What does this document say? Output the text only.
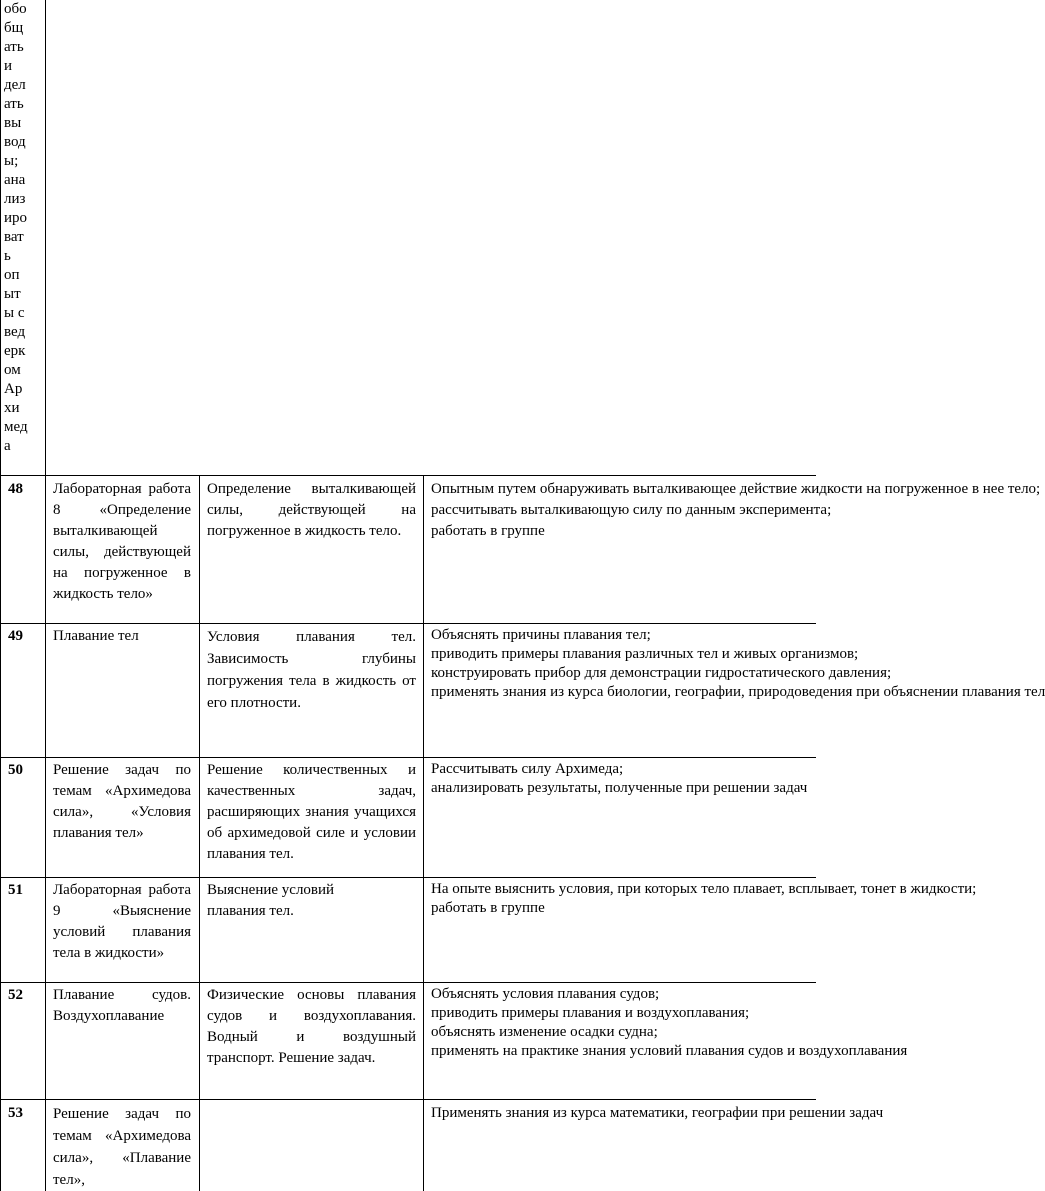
обо
бщ
ать
и
дел
ать
вы
вод
ы;
ана
лиз
иро
ват
ь
оп
ыт
ы с
вед
ерк
ом
Ар
хи
мед
а
48 Лабораторная работа 8 «Определение выталкивающей силы, действующей на погруженное в жидкость тело»
Определение выталкивающей силы, действующей на погруженное в жидкость тело.

Опытным путем обнаруживать выталкивающее действие жидкости на погруженное в нее тело;

рассчитывать выталкивающую силу по данным эксперимента;

работать в группе

49 Плавание тел	Условия плавания тел. Зависимость глубины погружения тела в жидкость от его плотности.

Объяснять причины плавания тел;

приводить примеры плавания различных тел и живых организмов;

конструировать прибор для демонстрации гидростатического давления;

применять знания из курса биологии, географии, природоведения при объяснении плавания тел

50 Решение задач по темам «Архимедова сила», «Условия плавания тел»
Решение количественных и качественных задач, расширяющих знания учащихся об архимедовой силе и условии плавания тел.

Рассчитывать силу Архимеда;

анализировать результаты, полученные при решении задач

51 Лабораторная работа 9 «Выяснение условий плавания тела в жидкости»
Выяснение условий плавания тел.

На опыте выяснить условия, при которых тело плавает, всплывает, тонет в жидкости;

работать в группе

52 Плавание судов. Воздухоплавание
Физические основы плавания судов и воздухоплавания. Водный и воздушный транспорт. Решение задач.

Объяснять условия плавания судов;

приводить примеры плавания и воздухоплавания;

объяснять изменение осадки судна;

применять на практике знания условий плавания судов и воздухоплавания

53 Решение задач по темам «Архимедова сила», «Плавание тел»,

Применять знания из курса математики, географии при решении задач
